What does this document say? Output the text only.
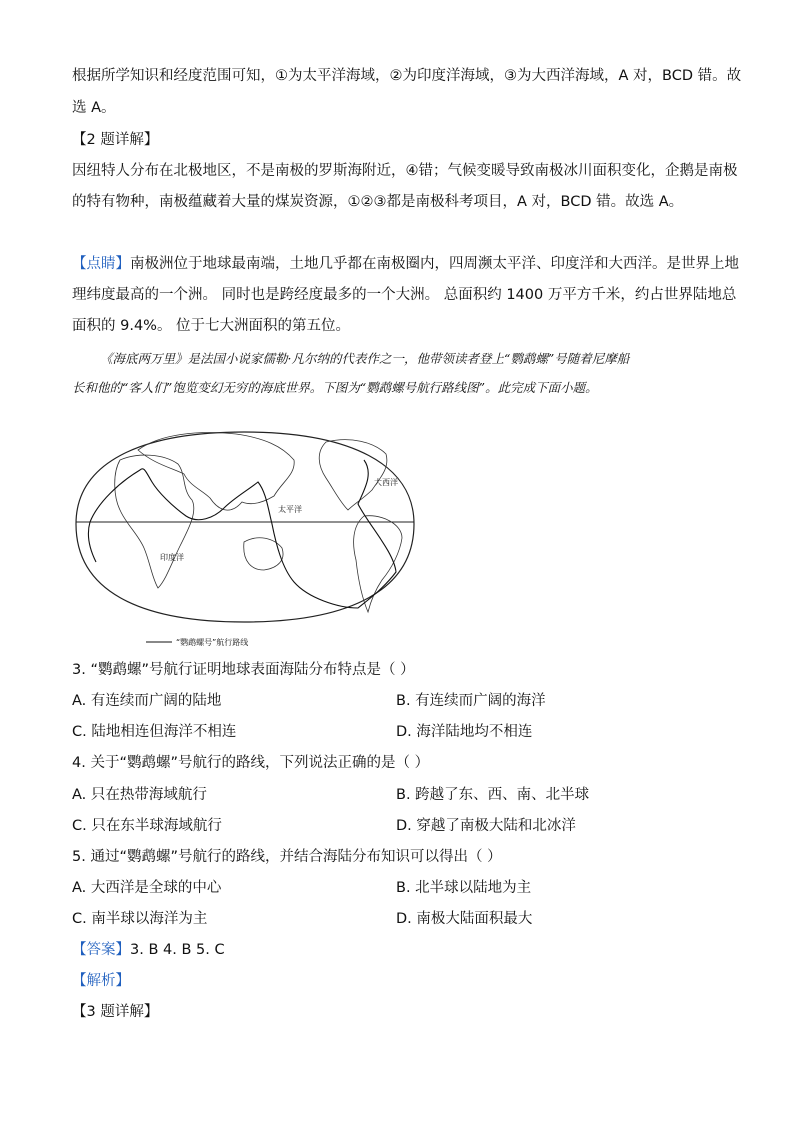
根据所学知识和经度范围可知，①为太平洋海域，②为印度洋海域，③为大西洋海域，A 对，BCD 错。故
选 A。
【2 题详解】
因纽特人分布在北极地区，不是南极的罗斯海附近，④错；气候变暖导致南极冰川面积变化，企鹅是南极
的特有物种，南极蕴藏着大量的煤炭资源，①②③都是南极科考项目，A 对，BCD 错。故选 A。
【点睛】南极洲位于地球最南端，土地几乎都在南极圈内，四周濒太平洋、印度洋和大西洋。是世界上地
理纬度最高的一个洲。 同时也是跨经度最多的一个大洲。 总面积约 1400 万平方千米，约占世界陆地总
面积的 9.4%。 位于七大洲面积的第五位。
《海底两万里》是法国小说家儒勒·凡尔纳的代表作之一，他带领读者登上“鹦鹉螺”号随着尼摩船
长和他的“客人们”饱览变幻无穷的海底世界。下图为“鹦鹉螺号航行路线图”。此完成下面小题。
大西洋
太平洋
印度洋
“鹦鹉螺号”航行路线
3. “鹦鹉螺”号航行证明地球表面海陆分布特点是（ ）
A. 有连续而广阔的陆地	B. 有连续而广阔的海洋
C. 陆地相连但海洋不相连	D. 海洋陆地均不相连
4. 关于“鹦鹉螺”号航行的路线，下列说法正确的是（ ）
A. 只在热带海域航行	B. 跨越了东、西、南、北半球
C. 只在东半球海域航行	D. 穿越了南极大陆和北冰洋
5. 通过“鹦鹉螺”号航行的路线，并结合海陆分布知识可以得出（ ）
A. 大西洋是全球的中心	B. 北半球以陆地为主
C. 南半球以海洋为主	D. 南极大陆面积最大
【答案】3. B 4. B 5. C
【解析】
【3 题详解】
